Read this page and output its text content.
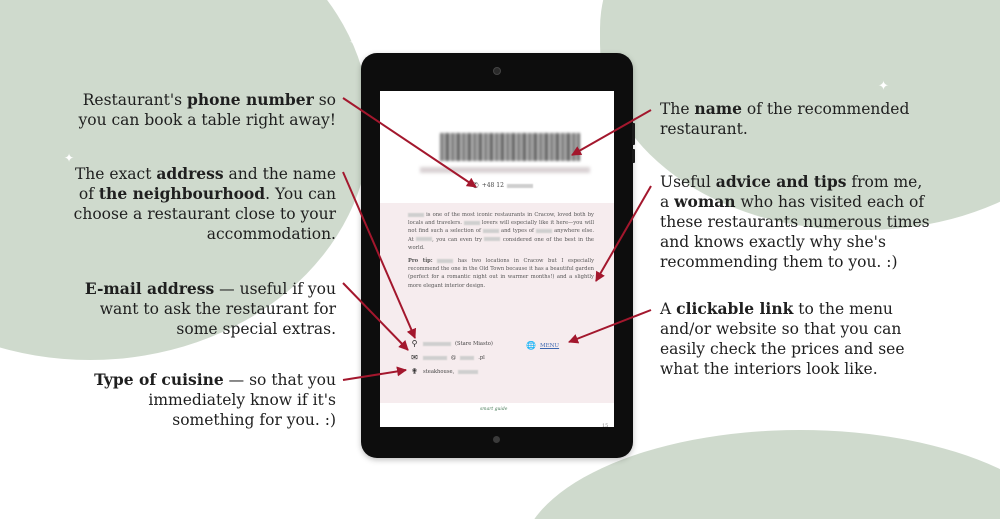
✦ ✦
✦
✦
Restaurant's phone number so
you can book a table right away!
The exact address and the name
of the neighbourhood. You can
choose a restaurant close to your
accommodation.
E-mail address — useful if you
want to ask the restaurant for
some special extras.
Type of cuisine — so that you
immediately know if it's
something for you. :)
The name of the recommended
restaurant.
Useful advice and tips from me,
a woman who has visited each of
these restaurants numerous times
and knows exactly why she's
recommending them to you. :)
A clickable link to the menu
and/or website so that you can
easily check the prices and see
what the interiors look like.
✆ +48 12

is one of the most iconic restaurants in Cracow, loved both by locals and travelers.	lovers will especially like it here—you will not find such a selection of	and types of	anywhere else. At	, you can even try	considered one of the best in the world.

Pro tip:	has two locations in Cracow but I especially recommend the one in the Old Town because it has a beautiful garden (perfect for a romantic night out in warmer months!) and a slightly more elegant interior design.

⚲	(Stare Miasto)
✉	@	.pl
✟ steakhouse,
🌐 MENU
smart guide
15
